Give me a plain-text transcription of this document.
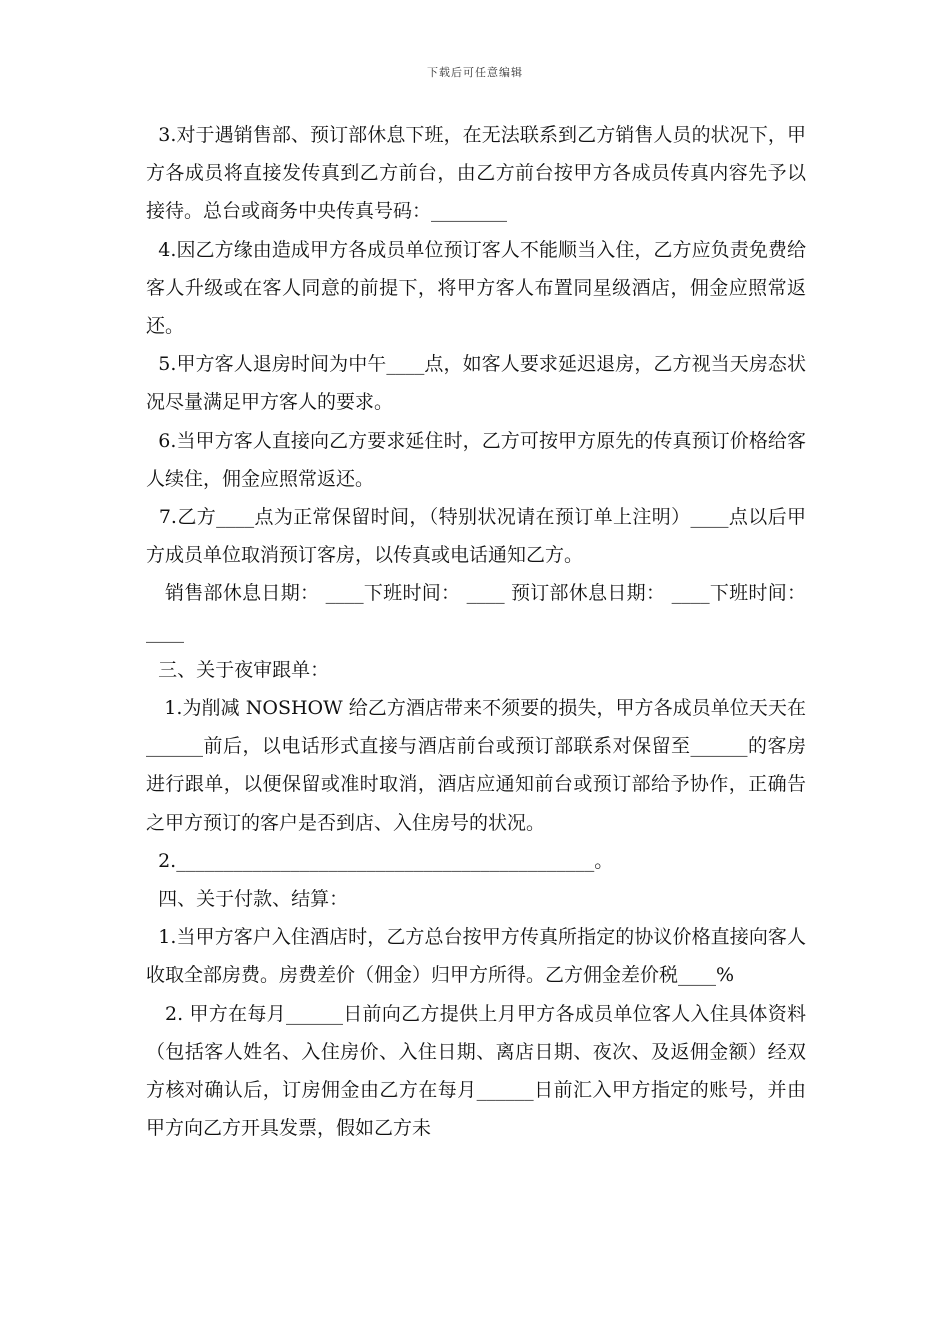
下载后可任意编辑

3.对于遇销售部、预订部休息下班，在无法联系到乙方销售人员的状况下，甲方各成员将直接发传真到乙方前台，由乙方前台按甲方各成员传真内容先予以接待。总台或商务中央传真号码：________

4.因乙方缘由造成甲方各成员单位预订客人不能顺当入住，乙方应负责免费给客人升级或在客人同意的前提下，将甲方客人布置同星级酒店，佣金应照常返还。

5.甲方客人退房时间为中午____点，如客人要求延迟退房，乙方视当天房态状况尽量满足甲方客人的要求。

6.当甲方客人直接向乙方要求延住时，乙方可按甲方原先的传真预订价格给客人续住，佣金应照常返还。

7.乙方____点为正常保留时间，（特别状况请在预订单上注明）____点以后甲方成员单位取消预订客房，以传真或电话通知乙方。

销售部休息日期： ____下班时间： ____ 预订部休息日期： ____下班时间： ____

三、关于夜审跟单：

1.为削减 NOSHOW 给乙方酒店带来不须要的损失，甲方各成员单位天天在______前后，以电话形式直接与酒店前台或预订部联系对保留至______的客房进行跟单，以便保留或准时取消，酒店应通知前台或预订部给予协作，正确告之甲方预订的客户是否到店、入住房号的状况。

2.____________________________________________。

四、关于付款、结算：

1.当甲方客户入住酒店时，乙方总台按甲方传真所指定的协议价格直接向客人收取全部房费。房费差价（佣金）归甲方所得。乙方佣金差价税____%

2. 甲方在每月______日前向乙方提供上月甲方各成员单位客人入住具体资料（包括客人姓名、入住房价、入住日期、离店日期、夜次、及返佣金额）经双方核对确认后，订房佣金由乙方在每月______日前汇入甲方指定的账号，并由甲方向乙方开具发票，假如乙方未
